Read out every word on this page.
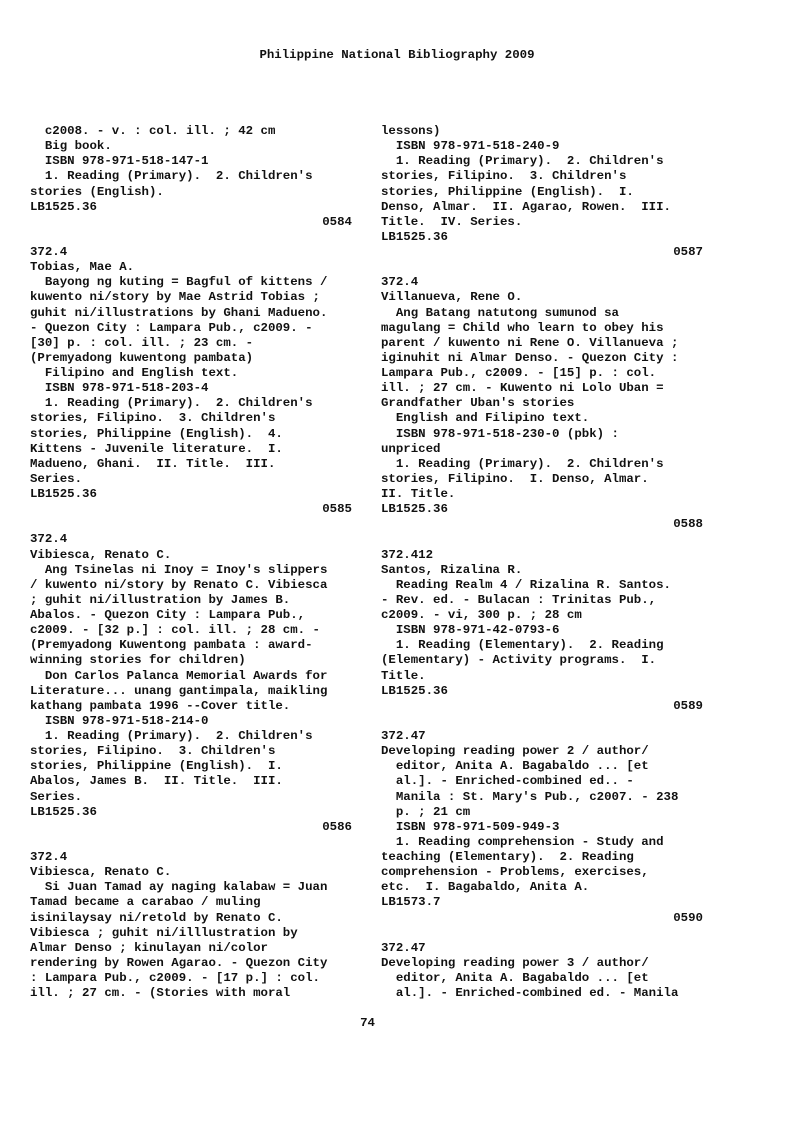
Philippine National Bibliography 2009
c2008. - v. : col. ill. ; 42 cm
Big book.
ISBN 978-971-518-147-1
1. Reading (Primary).  2. Children's
stories (English).
LB1525.36
0584
372.4
Tobias, Mae A.
Bayong ng kuting = Bagful of kittens /
kuwento ni/story by Mae Astrid Tobias ;
guhit ni/illustrations by Ghani Madueno.
- Quezon City : Lampara Pub., c2009. -
[30] p. : col. ill. ; 23 cm. -
(Premyadong kuwentong pambata)
Filipino and English text.
ISBN 978-971-518-203-4
1. Reading (Primary).  2. Children's
stories, Filipino.  3. Children's
stories, Philippine (English).  4.
Kittens - Juvenile literature.  I.
Madueno, Ghani.  II. Title.  III.
Series.
LB1525.36
0585
372.4
Vibiesca, Renato C.
Ang Tsinelas ni Inoy = Inoy's slippers
/ kuwento ni/story by Renato C. Vibiesca
; guhit ni/illustration by James B.
Abalos. - Quezon City : Lampara Pub.,
c2009. - [32 p.] : col. ill. ; 28 cm. -
(Premyadong Kuwentong pambata : award-
winning stories for children)
Don Carlos Palanca Memorial Awards for
Literature... unang gantimpala, maikling
kathang pambata 1996 --Cover title.
ISBN 978-971-518-214-0
1. Reading (Primary).  2. Children's
stories, Filipino.  3. Children's
stories, Philippine (English).  I.
Abalos, James B.  II. Title.  III.
Series.
LB1525.36
0586
372.4
Vibiesca, Renato C.
Si Juan Tamad ay naging kalabaw = Juan
Tamad became a carabao / muling
isinilaysay ni/retold by Renato C.
Vibiesca ; guhit ni/illlustration by
Almar Denso ; kinulayan ni/color
rendering by Rowen Agarao. - Quezon City
: Lampara Pub., c2009. - [17 p.] : col.
ill. ; 27 cm. - (Stories with moral
lessons)
ISBN 978-971-518-240-9
1. Reading (Primary).  2. Children's
stories, Filipino.  3. Children's
stories, Philippine (English).  I.
Denso, Almar.  II. Agarao, Rowen.  III.
Title.  IV. Series.
LB1525.36
0587
372.4
Villanueva, Rene O.
Ang Batang natutong sumunod sa
magulang = Child who learn to obey his
parent / kuwento ni Rene O. Villanueva ;
iginuhit ni Almar Denso. - Quezon City :
Lampara Pub., c2009. - [15] p. : col.
ill. ; 27 cm. - Kuwento ni Lolo Uban =
Grandfather Uban's stories
English and Filipino text.
ISBN 978-971-518-230-0 (pbk) :
unpriced
1. Reading (Primary).  2. Children's
stories, Filipino.  I. Denso, Almar.
II. Title.
LB1525.36
0588
372.412
Santos, Rizalina R.
Reading Realm 4 / Rizalina R. Santos.
- Rev. ed. - Bulacan : Trinitas Pub.,
c2009. - vi, 300 p. ; 28 cm
ISBN 978-971-42-0793-6
1. Reading (Elementary).  2. Reading
(Elementary) - Activity programs.  I.
Title.
LB1525.36
0589
372.47
Developing reading power 2 / author/
editor, Anita A. Bagabaldo ... [et
al.]. - Enriched-combined ed.. -
Manila : St. Mary's Pub., c2007. - 238
p. ; 21 cm
ISBN 978-971-509-949-3
1. Reading comprehension - Study and
teaching (Elementary).  2. Reading
comprehension - Problems, exercises,
etc.  I. Bagabaldo, Anita A.
LB1573.7
0590
372.47
Developing reading power 3 / author/
editor, Anita A. Bagabaldo ... [et
al.]. - Enriched-combined ed. - Manila
74
